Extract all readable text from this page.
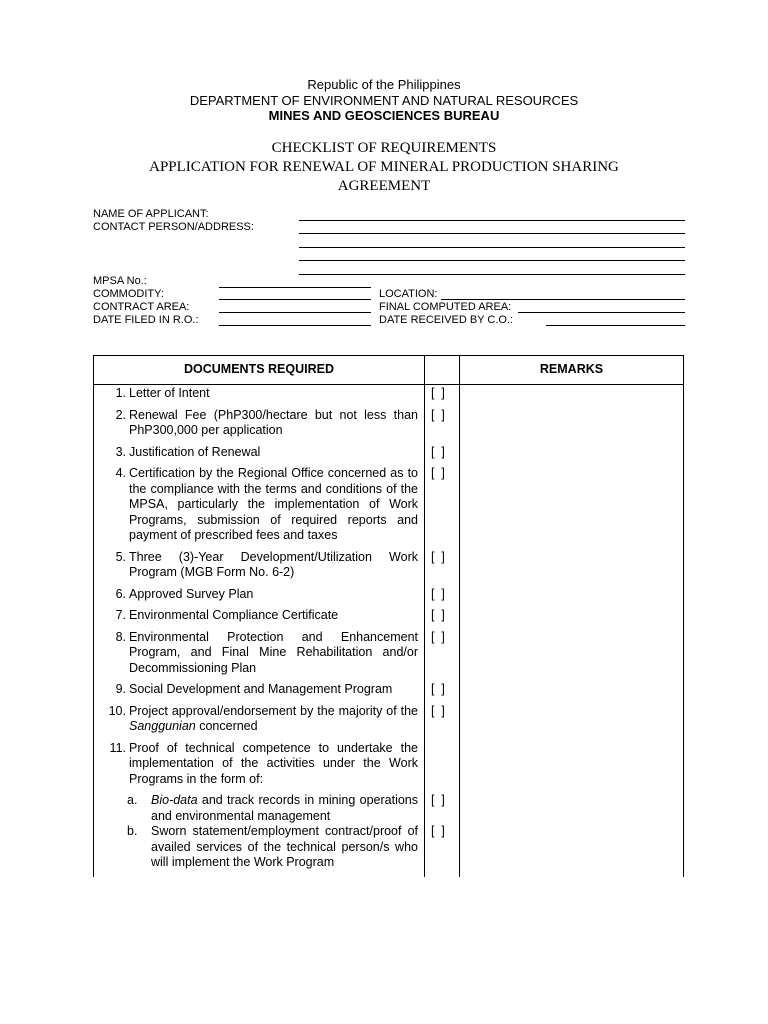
Republic of the Philippines
DEPARTMENT OF ENVIRONMENT AND NATURAL RESOURCES
MINES AND GEOSCIENCES BUREAU
CHECKLIST OF REQUIREMENTS
APPLICATION FOR RENEWAL OF MINERAL PRODUCTION SHARING
AGREEMENT
NAME OF APPLICANT:
CONTACT PERSON/ADDRESS:
MPSA No.:
COMMODITY:
CONTRACT AREA:
DATE FILED IN R.O.:
LOCATION:
FINAL COMPUTED AREA:
DATE RECEIVED BY C.O.:
DOCUMENTS REQUIRED		REMARKS

1. Letter of Intent	[  ]	

2. Renewal Fee (PhP300/hectare but not less than PhP300,000 per application	[  ]	

3. Justification of Renewal	[  ]	

4. Certification by the Regional Office concerned as to the compliance with the terms and conditions of the MPSA, particularly the implementation of Work Programs, submission of required reports and payment of prescribed fees and taxes	[  ]	

5. Three (3)-Year Development/Utilization Work Program (MGB Form No. 6-2)	[  ]	

6. Approved Survey Plan	[  ]	

7. Environmental Compliance Certificate	[  ]	

8. Environmental Protection and Enhancement Program, and Final Mine Rehabilitation and/or Decommissioning Plan	[  ]	

9. Social Development and Management Program	[  ]	

10. Project approval/endorsement by the majority of the Sanggunian concerned	[  ]	

11. Proof of technical competence to undertake the implementation of the activities under the Work Programs in the form of:		

a. Bio-data and track records in mining operations and environmental management	[  ]	

b. Sworn statement/employment contract/proof of availed services of the technical person/s who will implement the Work Program	[  ]	
